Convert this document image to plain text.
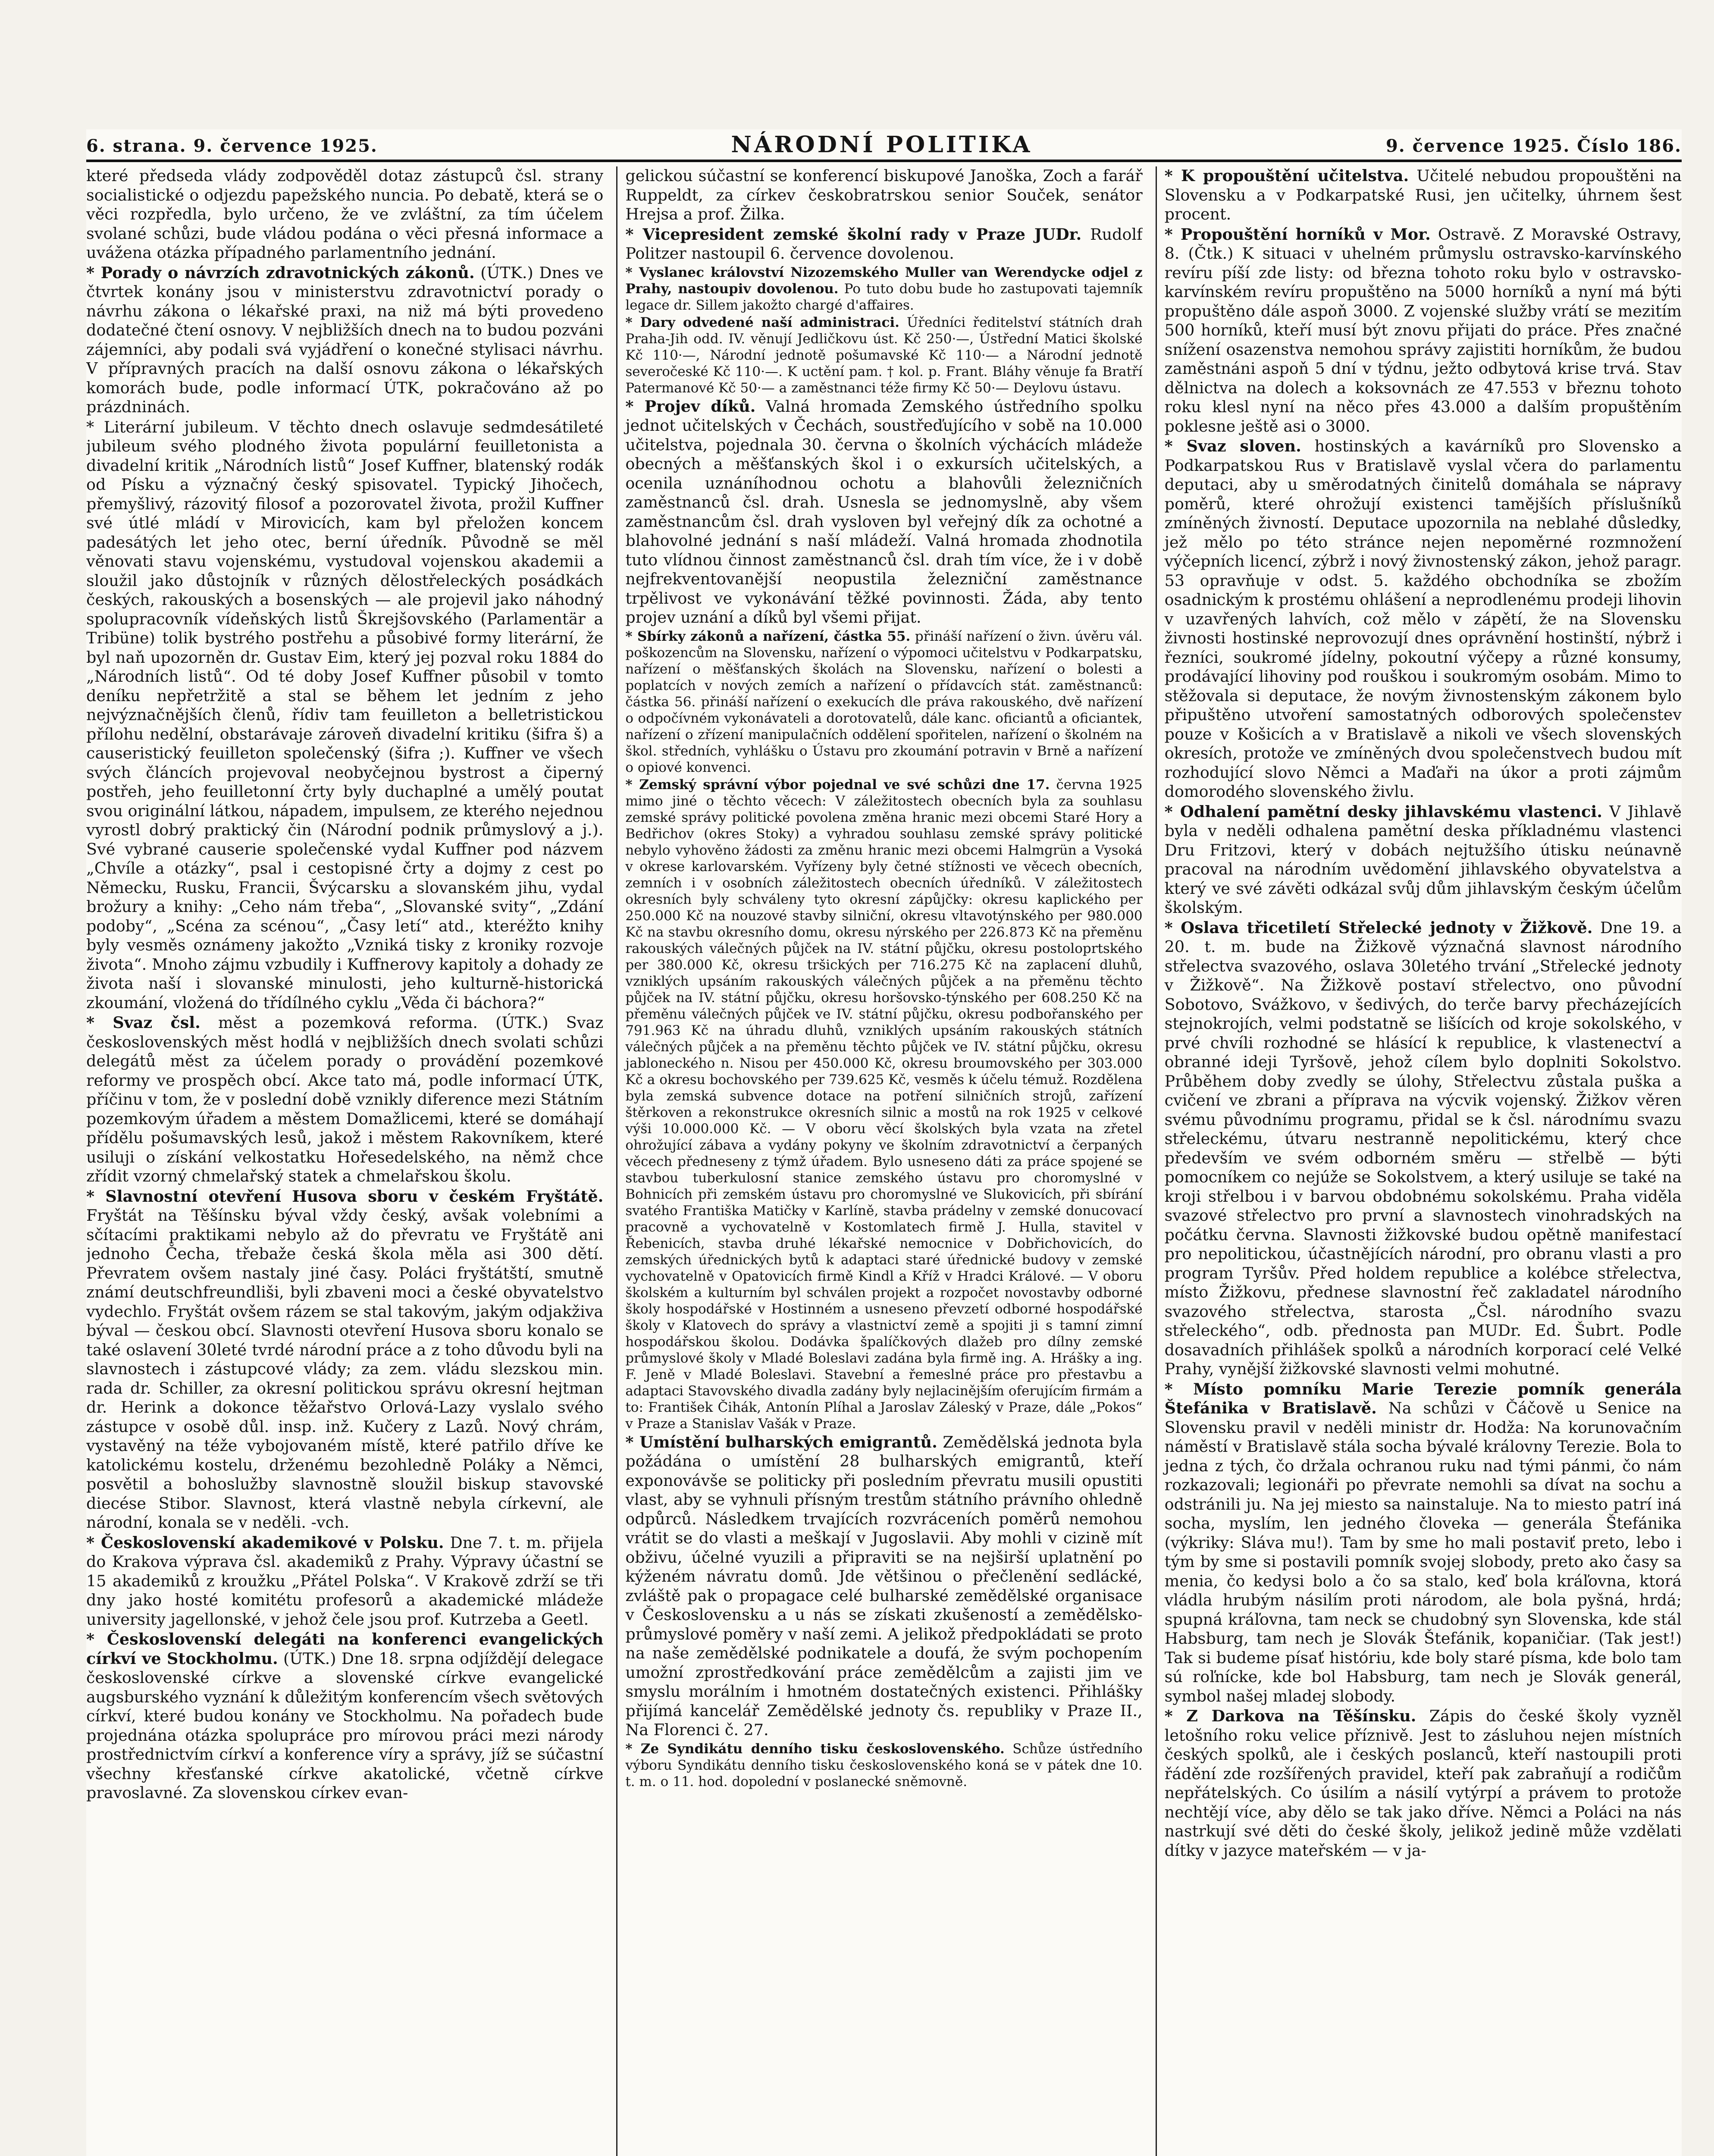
6. strana. 9. července 1925.	NÁRODNÍ POLITIKA	9. července 1925. Číslo 186.

které předseda vlády zodpověděl dotaz zástupců čsl. strany socialistické o odjezdu papežského nuncia. Po debatě, která se o věci rozpředla, bylo určeno, že ve zvláštní, za tím účelem svolané schůzi, bude vládou podána o věci přesná informace a uvážena otázka případného parlamentního jednání.

* Porady o návrzích zdravotnických zákonů. (ÚTK.) Dnes ve čtvrtek konány jsou v ministerstvu zdravotnictví porady o návrhu zákona o lékařské praxi, na niž má býti provedeno dodatečné čtení osnovy. V nejbližších dnech na to budou pozváni zájemníci, aby podali svá vyjádření o konečné stylisaci návrhu. V přípravných pracích na další osnovu zákona o lékařských komorách bude, podle informací ÚTK, pokračováno až po prázdninách.

* Literární jubileum. V těchto dnech oslavuje sedmdesátileté jubileum svého plodného života populární feuilletonista a divadelní kritik „Národních listů“ Josef Kuffner, blatenský rodák od Písku a význačný český spisovatel. Typický Jihočech, přemyšlivý, rázovitý filosof a pozorovatel života, prožil Kuffner své útlé mládí v Mirovicích, kam byl přeložen koncem padesátých let jeho otec, berní úředník. Původně se měl věnovati stavu vojenskému, vystudoval vojenskou akademii a sloužil jako důstojník v různých dělostřeleckých posádkách českých, rakouských a bosenských — ale projevil jako náhodný spolupracovník vídeňských listů Škrejšovského (Parlamentär a Tribüne) tolik bystrého postřehu a působivé formy literární, že byl naň upozorněn dr. Gustav Eim, který jej pozval roku 1884 do „Národních listů“. Od té doby Josef Kuffner působil v tomto deníku nepřetržitě a stal se během let jedním z jeho nejvýznačnějších členů, řídiv tam feuilleton a belletristickou přílohu nedělní, obstarávaje zároveň divadelní kritiku (šifra š) a causeristický feuilleton společenský (šifra ;). Kuffner ve všech svých článcích projevoval neobyčejnou bystrost a čiperný postřeh, jeho feuilletonní črty byly duchaplné a umělý poutat svou originální látkou, nápadem, impulsem, ze kterého nejednou vyrostl dobrý praktický čin (Národní podnik průmyslový a j.). Své vybrané causerie společenské vydal Kuffner pod názvem „Chvíle a otázky“, psal i cestopisné črty a dojmy z cest po Německu, Rusku, Francii, Švýcarsku a slovanském jihu, vydal brožury a knihy: „Ceho nám třeba“, „Slovanské svity“, „Zdání podoby“, „Scéna za scénou“, „Časy letí“ atd., kteréžto knihy byly vesměs oznámeny jakožto „Vzniká tisky z kroniky rozvoje života“. Mnoho zájmu vzbudily i Kuffnerovy kapitoly a dohady ze života naší i slovanské minulosti, jeho kulturně-historická zkoumání, vložená do třídílného cyklu „Věda či báchora?“

* Svaz čsl. měst a pozemková reforma. (ÚTK.) Svaz československých měst hodlá v nejbližších dnech svolati schůzi delegátů měst za účelem porady o provádění pozemkové reformy ve prospěch obcí. Akce tato má, podle informací ÚTK, příčinu v tom, že v poslední době vznikly diference mezi Státním pozemkovým úřadem a městem Domažlicemi, které se domáhají přídělu pošumavských lesů, jakož i městem Rakovníkem, které usiluji o získání velkostatku Hořesedelského, na němž chce zřídit vzorný chmelařský statek a chmelařskou školu.

* Slavnostní otevření Husova sboru v českém Fryštátě. Fryštát na Těšínsku býval vždy český, avšak volebními a sčítacími praktikami nebylo až do převratu ve Fryštátě ani jednoho Čecha, třebaže česká škola měla asi 300 dětí. Převratem ovšem nastaly jiné časy. Poláci fryštátští, smutně známí deutschfreundliši, byli zbaveni moci a české obyvatelstvo vydechlo. Fryštát ovšem rázem se stal takovým, jakým odjakživa býval — českou obcí. Slavnosti otevření Husova sboru konalo se také oslavení 30leté tvrdé národní práce a z toho důvodu byli na slavnostech i zástupcové vlády; za zem. vládu slezskou min. rada dr. Schiller, za okresní politickou správu okresní hejtman dr. Herink a dokonce těžařstvo Orlová-Lazy vyslalo svého zástupce v osobě důl. insp. inž. Kučery z Lazů. Nový chrám, vystavěný na téže vybojovaném místě, které patřilo dříve ke katolickému kostelu, drženému bezohledně Poláky a Němci, posvětil a bohoslužby slavnostně sloužil biskup stavovské diecése Stibor. Slavnost, která vlastně nebyla církevní, ale národní, konala se v neděli. -vch.

* Československí akademikové v Polsku. Dne 7. t. m. přijela do Krakova výprava čsl. akademiků z Prahy. Výpravy účastní se 15 akademiků z kroužku „Přátel Polska“. V Krakově zdrží se tři dny jako hosté komitétu profesorů a akademické mládeže university jagellonské, v jehož čele jsou prof. Kutrzeba a Geetl.

* Československí delegáti na konferenci evangelických církví ve Stockholmu. (ÚTK.) Dne 18. srpna odjíždějí delegace československé církve a slovenské církve evangelické augsburského vyznání k důležitým konferencím všech světových církví, které budou konány ve Stockholmu. Na pořadech bude projednána otázka spolupráce pro mírovou práci mezi národy prostřednictvím církví a konference víry a správy, jíž se súčastní všechny křesťanské církve akatolické, včetně církve pravoslavné. Za slovenskou církev evan-

gelickou súčastní se konferencí biskupové Janoška, Zoch a farář Ruppeldt, za církev českobratrskou senior Souček, senátor Hrejsa a prof. Žilka.

* Vicepresident zemské školní rady v Praze JUDr. Rudolf Politzer nastoupil 6. července dovolenou.

* Vyslanec království Nizozemského Muller van Werendycke odjel z Prahy, nastoupiv dovolenou. Po tuto dobu bude ho zastupovati tajemník legace dr. Sillem jakožto chargé d'affaires.

* Dary odvedené naší administraci. Úředníci ředitelství státních drah Praha-Jih odd. IV. věnují Jedličkovu úst. Kč 250·—, Ústřední Matici školské Kč 110·—, Národní jednotě pošumavské Kč 110·— a Národní jednotě severočeské Kč 110·—. K uctění pam. † kol. p. Frant. Bláhy věnuje fa Bratří Patermanové Kč 50·— a zaměstnanci téže firmy Kč 50·— Deylovu ústavu.

* Projev díků. Valná hromada Zemského ústředního spolku jednot učitelských v Čechách, soustřeďujícího v sobě na 10.000 učitelstva, pojednala 30. června o školních výchácích mládeže obecných a měšťanských škol i o exkursích učitelských, a ocenila uznáníhodnou ochotu a blahovůli železničních zaměstnanců čsl. drah. Usnesla se jednomyslně, aby všem zaměstnancům čsl. drah vysloven byl veřejný dík za ochotné a blahovolné jednání s naší mládeží. Valná hromada zhodnotila tuto vlídnou činnost zaměstnanců čsl. drah tím více, že i v době nejfrekventovanější neopustila železniční zaměstnance trpělivost ve vykonávání těžké povinnosti. Žáda, aby tento projev uznání a díků byl všemi přijat.

* Sbírky zákonů a nařízení, částka 55. přináší nařízení o živn. úvěru vál. poškozencům na Slovensku, nařízení o výpomoci učitelstvu v Podkarpatsku, nařízení o měšťanských školách na Slovensku, nařízení o bolesti a poplatcích v nových zemích a nařízení o přídavcích stát. zaměstnanců: částka 56. přináší nařízení o exekucích dle práva rakouského, dvě nařízení o odpočívném vykonávateli a dorotovatelů, dále kanc. oficiantů a oficiantek, nařízení o zřízení manipulačních oddělení spořitelen, nařízení o školném na škol. středních, vyhlášku o Ústavu pro zkoumání potravin v Brně a nařízení o opiové konvenci.

* Zemský správní výbor pojednal ve své schůzi dne 17. června 1925 mimo jiné o těchto věcech: V záležitostech obecních byla za souhlasu zemské správy politické povolena změna hranic mezi obcemi Staré Hory a Bedřichov (okres Stoky) a vyhradou souhlasu zemské správy politické nebylo vyhověno žádosti za změnu hranic mezi obcemi Halmgrün a Vysoká v okrese karlovarském. Vyřízeny byly četné stížnosti ve věcech obecních, zemních i v osobních záležitostech obecních úředníků. V záležitostech okresních byly schváleny tyto okresní zápůjčky: okresu kaplického per 250.000 Kč na nouzové stavby silniční, okresu vltavotýnského per 980.000 Kč na stavbu okresního domu, okresu nýrského per 226.873 Kč na přeměnu rakouských válečných půjček na IV. státní půjčku, okresu postoloprtského per 380.000 Kč, okresu tršických per 716.275 Kč na zaplacení dluhů, vzniklých upsáním rakouských válečných půjček a na přeměnu těchto půjček na IV. státní půjčku, okresu horšovsko-týnského per 608.250 Kč na přeměnu válečných půjček ve IV. státní půjčku, okresu podbořanského per 791.963 Kč na úhradu dluhů, vzniklých upsáním rakouských státních válečných půjček a na přeměnu těchto půjček ve IV. státní půjčku, okresu jabloneckého n. Nisou per 450.000 Kč, okresu broumovského per 303.000 Kč a okresu bochovského per 739.625 Kč, vesměs k účelu témuž. Rozdělena byla zemská subvence dotace na potření silničních strojů, zařízení štěrkoven a rekonstrukce okresních silnic a mostů na rok 1925 v celkové výši 10.000.000 Kč. — V oboru věcí školských byla vzata na zřetel ohrožující zábava a vydány pokyny ve školním zdravotnictví a čerpaných věcech předneseny z týmž úřadem. Bylo usneseno dáti za práce spojené se stavbou tuberkulosní stanice zemského ústavu pro choromyslné v Bohnicích při zemském ústavu pro choromyslné ve Slukovicích, při sbírání svatého Františka Matičky v Karlíně, stavba prádelny v zemské donucovací pracovně a vychovatelně v Kostomlatech firmě J. Hulla, stavitel v Řebenicích, stavba druhé lékařské nemocnice v Dobřichovicích, do zemských úřednických bytů k adaptaci staré úřednické budovy v zemské vychovatelně v Opatovicích firmě Kindl a Kříž v Hradci Králové. — V oboru školském a kulturním byl schválen projekt a rozpočet novostavby odborné školy hospodářské v Hostinném a usneseno převzetí odborné hospodářské školy v Klatovech do správy a vlastnictví země a spojiti ji s tamní zimní hospodářskou školou. Dodávka špalíčkových dlažeb pro dílny zemské průmyslové školy v Mladé Boleslavi zadána byla firmě ing. A. Hrášky a ing. F. Jeně v Mladé Boleslavi. Stavební a řemeslné práce pro přestavbu a adaptaci Stavovského divadla zadány byly nejlacinějším oferujícím firmám a to: František Čihák, Antonín Plíhal a Jaroslav Záleský v Praze, dále „Pokos“ v Praze a Stanislav Vašák v Praze.

* Umístění bulharských emigrantů. Zemědělská jednota byla požádána o umístění 28 bulharských emigrantů, kteří exponovávše se politicky při posledním převratu musili opustiti vlast, aby se vyhnuli přísným trestům státního právního ohledně odpůrců. Následkem trvajících rozvráceních poměrů nemohou vrátit se do vlasti a meškají v Jugoslavii. Aby mohli v cizině mít obživu, účelné vyuzili a připraviti se na nejširší uplatnění po kýženém návratu domů. Jde většinou o přečlenění sedlácké, zvláště pak o propagace celé bulharské zemědělské organisace v Československu a u nás se získati zkušeností a zemědělsko-průmyslové poměry v naší zemi. A jelikož předpokládati se proto na naše zemědělské podnikatele a doufá, že svým pochopením umožní zprostředkování práce zemědělcům a zajisti jim ve smyslu morálním i hmotném dostatečných existenci. Přihlášky přijímá kancelář Zemědělské jednoty čs. republiky v Praze II., Na Florenci č. 27.

* Ze Syndikátu denního tisku československého. Schůze ústředního výboru Syndikátu denního tisku československého koná se v pátek dne 10. t. m. o 11. hod. dopolední v poslanecké sněmovně.

* K propouštění učitelstva. Učitelé nebudou propouštěni na Slovensku a v Podkarpatské Rusi, jen učitelky, úhrnem šest procent.

* Propouštění horníků v Mor. Ostravě. Z Moravské Ostravy, 8. (Čtk.) K situaci v uhelném průmyslu ostravsko-karvínského revíru píší zde listy: od března tohoto roku bylo v ostravsko-karvínském revíru propuštěno na 5000 horníků a nyní má býti propuštěno dále aspoň 3000. Z vojenské služby vrátí se mezitím 500 horníků, kteří musí být znovu přijati do práce. Přes značné snížení osazenstva nemohou správy zajistiti horníkům, že budou zaměstnáni aspoň 5 dní v týdnu, ježto odbytová krise trvá. Stav dělnictva na dolech a koksovnách ze 47.553 v březnu tohoto roku klesl nyní na něco přes 43.000 a dalším propuštěním poklesne ještě asi o 3000.

* Svaz sloven. hostinských a kavárníků pro Slovensko a Podkarpatskou Rus v Bratislavě vyslal včera do parlamentu deputaci, aby u směrodatných činitelů domáhala se nápravy poměrů, které ohrožují existenci tamějších příslušníků zmíněných živností. Deputace upozornila na neblahé důsledky, jež mělo po této stránce nejen nepoměrné rozmnožení výčepních licencí, zýbrž i nový živnostenský zákon, jehož paragr. 53 opravňuje v odst. 5. každého obchodníka se zbožím osadnickým k prostému ohlášení a neprodlenému prodeji lihovin v uzavřených lahvích, což mělo v zápětí, že na Slovensku živnosti hostinské neprovozují dnes oprávnění hostinští, nýbrž i řezníci, soukromé jídelny, pokoutní výčepy a různé konsumy, prodávající lihoviny pod rouškou i soukromým osobám. Mimo to stěžovala si deputace, že novým živnostenským zákonem bylo připuštěno utvoření samostatných odborových společenstev pouze v Košicích a v Bratislavě a nikoli ve všech slovenských okresích, protože ve zmíněných dvou společenstvech budou mít rozhodující slovo Němci a Maďaři na úkor a proti zájmům domorodého slovenského živlu.

* Odhalení pamětní desky jihlavskému vlastenci. V Jihlavě byla v neděli odhalena pamětní deska příkladnému vlastenci Dru Fritzovi, který v dobách nejtužšího útisku neúnavně pracoval na národním uvědomění jihlavského obyvatelstva a který ve své závěti odkázal svůj dům jihlavským českým účelům školským.

* Oslava třicetiletí Střelecké jednoty v Žižkově. Dne 19. a 20. t. m. bude na Žižkově význačná slavnost národního střelectva svazového, oslava 30letého trvání „Střelecké jednoty v Žižkově“. Na Žižkově postaví střelectvo, ono původní Sobotovo, Svážkovo, v šedivých, do terče barvy přecházejících stejnokrojích, velmi podstatně se lišících od kroje sokolského, v prvé chvíli rozhodné se hlásící k republice, k vlastenectví a obranné ideji Tyršově, jehož cílem bylo doplniti Sokolstvo. Průběhem doby zvedly se úlohy, Střelectvu zůstala puška a cvičení ve zbrani a příprava na výcvik vojenský. Žižkov věren svému původnímu programu, přidal se k čsl. národnímu svazu střeleckému, útvaru nestranně nepolitickému, který chce především ve svém odborném směru — střelbě — býti pomocníkem co nejúže se Sokolstvem, a který usiluje se také na kroji střelbou i v barvou obdobnému sokolskému. Praha viděla svazové střelectvo pro první a slavnostech vinohradských na počátku června. Slavnosti žižkovské budou opětně manifestací pro nepolitickou, účastnějících národní, pro obranu vlasti a pro program Tyršův. Před holdem republice a kolébce střelectva, místo Žižkovu, přednese slavnostní řeč zakladatel národního svazového střelectva, starosta „Čsl. národního svazu střeleckého“, odb. přednosta pan MUDr. Ed. Šubrt. Podle dosavadních přihlášek spolků a národních korporací celé Velké Prahy, vynější žižkovské slavnosti velmi mohutné.

* Místo pomníku Marie Terezie pomník generála Štefánika v Bratislavě. Na schůzi v Čáčově u Senice na Slovensku pravil v neděli ministr dr. Hodža: Na korunovačním náměstí v Bratislavě stála socha bývalé královny Terezie. Bola to jedna z tých, čo držala ochranou ruku nad tými pánmi, čo nám rozkazovali; legionáři po převrate nemohli sa dívat na sochu a odstránili ju. Na jej miesto sa nainstaluje. Na to miesto patrí iná socha, myslím, len jedného človeka — generála Štefánika (výkriky: Sláva mu!). Tam by sme ho mali postaviť preto, lebo i tým by sme si postavili pomník svojej slobody, preto ako časy sa menia, čo kedysi bolo a čo sa stalo, keď bola kráľovna, ktorá vládla hrubým násilím proti národom, ale bola pyšná, hrdá; spupná kráľovna, tam neck se chudobný syn Slovenska, kde stál Habsburg, tam nech je Slovák Štefánik, kopaničiar. (Tak jest!) Tak si budeme písať históriu, kde boly staré písma, kde bolo tam sú roľnícke, kde bol Habsburg, tam nech je Slovák generál, symbol našej mladej slobody.

* Z Darkova na Těšínsku. Zápis do české školy vyzněl letošního roku velice příznivě. Jest to zásluhou nejen místních českých spolků, ale i českých poslanců, kteří nastoupili proti řádění zde rozšířených pravidel, kteří pak zabraňují a rodičům nepřátelských. Co úsilím a násilí vytýrpí a právem to protože nechtějí více, aby dělo se tak jako dříve. Němci a Poláci na nás nastrkují své děti do české školy, jelikož jedině může vzdělati dítky v jazyce mateřském — v ja-
